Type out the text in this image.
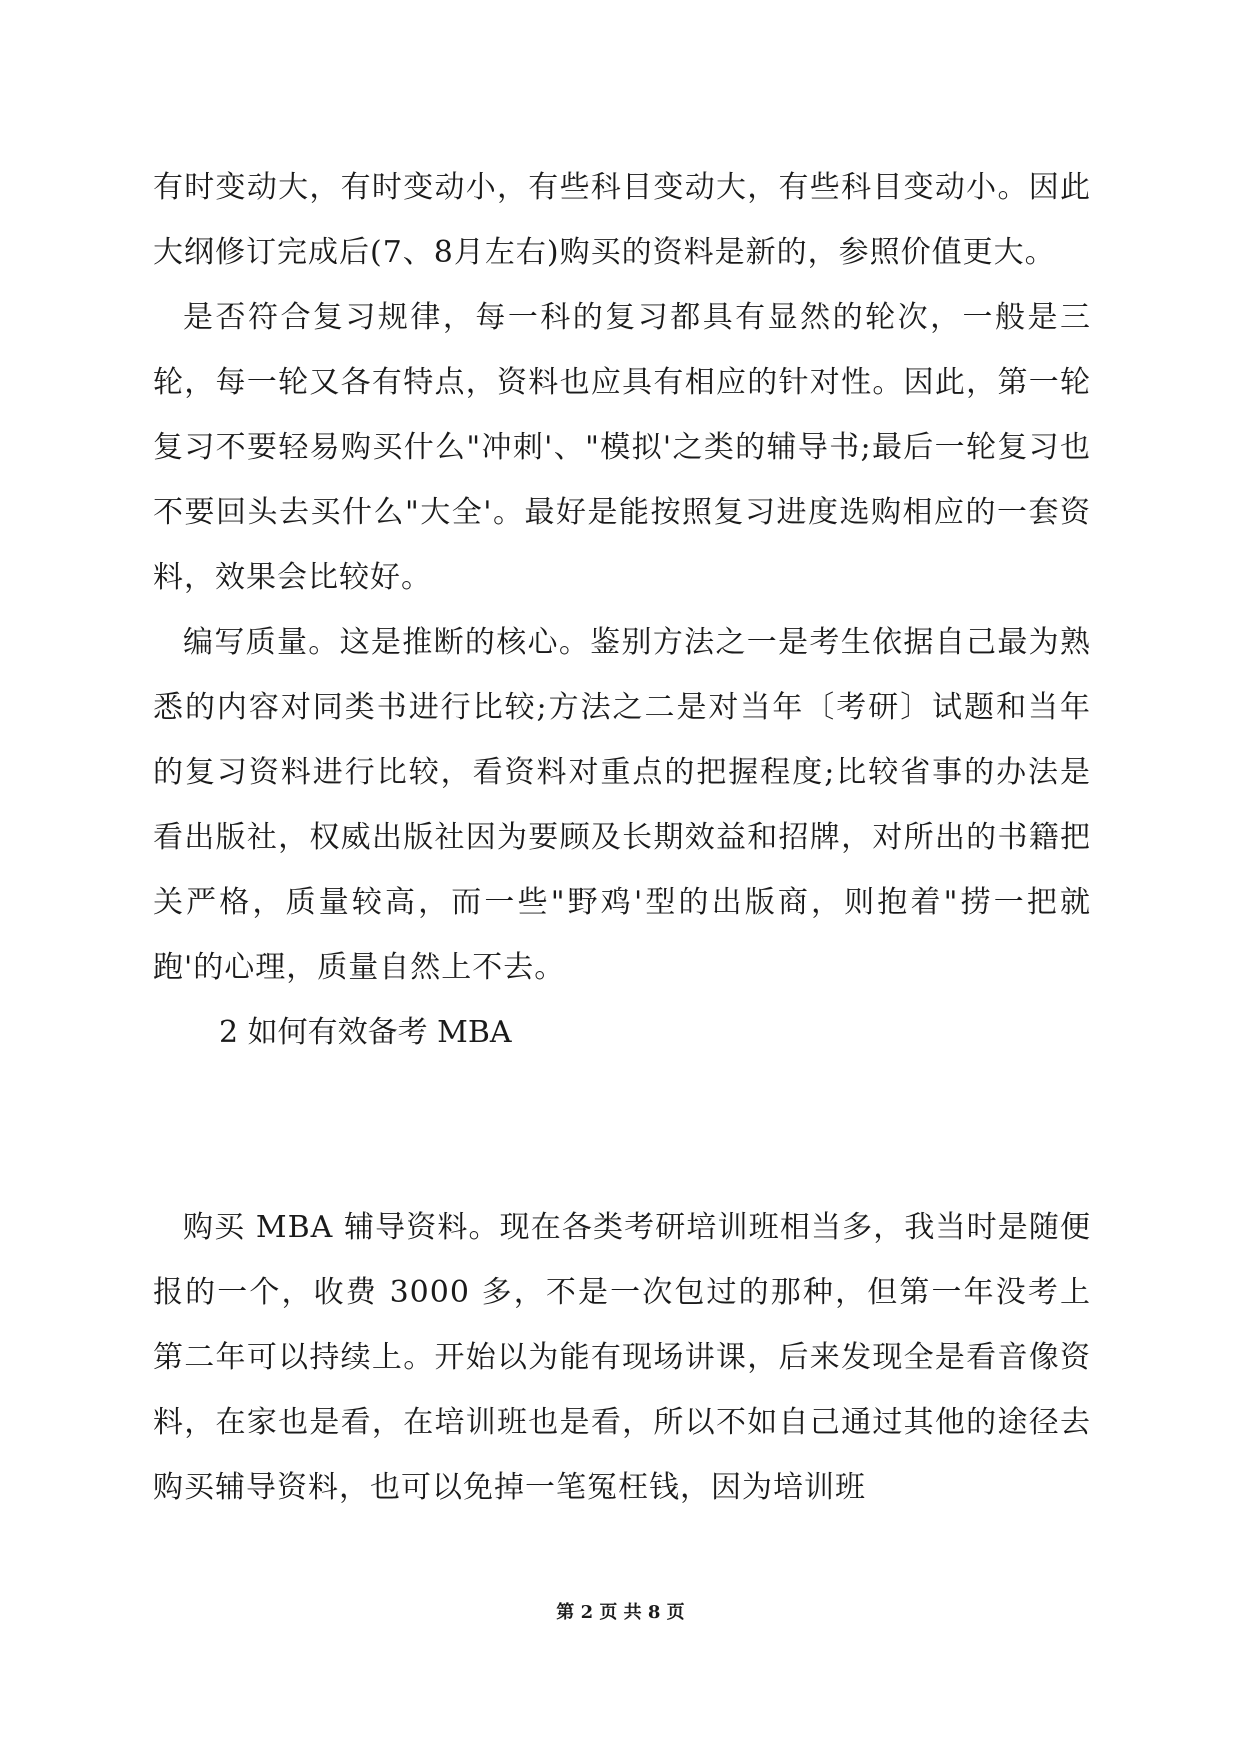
有时变动大，有时变动小，有些科目变动大，有些科目变动小。因此大纲修订完成后(7、8月左右)购买的资料是新的，参照价值更大。

是否符合复习规律，每一科的复习都具有显然的轮次，一般是三轮，每一轮又各有特点，资料也应具有相应的针对性。因此，第一轮复习不要轻易购买什么"冲刺'、"模拟'之类的辅导书;最后一轮复习也不要回头去买什么"大全'。最好是能按照复习进度选购相应的一套资料，效果会比较好。

编写质量。这是推断的核心。鉴别方法之一是考生依据自己最为熟悉的内容对同类书进行比较;方法之二是对当年〔考研〕试题和当年的复习资料进行比较，看资料对重点的把握程度;比较省事的办法是看出版社，权威出版社因为要顾及长期效益和招牌，对所出的书籍把关严格，质量较高，而一些"野鸡'型的出版商，则抱着"捞一把就跑'的心理，质量自然上不去。

2 如何有效备考 MBA

购买 MBA 辅导资料。现在各类考研培训班相当多，我当时是随便报的一个，收费 3000 多，不是一次包过的那种，但第一年没考上第二年可以持续上。开始以为能有现场讲课，后来发现全是看音像资料，在家也是看，在培训班也是看，所以不如自己通过其他的途径去购买辅导资料，也可以免掉一笔冤枉钱，因为培训班

第 2 页 共 8 页
